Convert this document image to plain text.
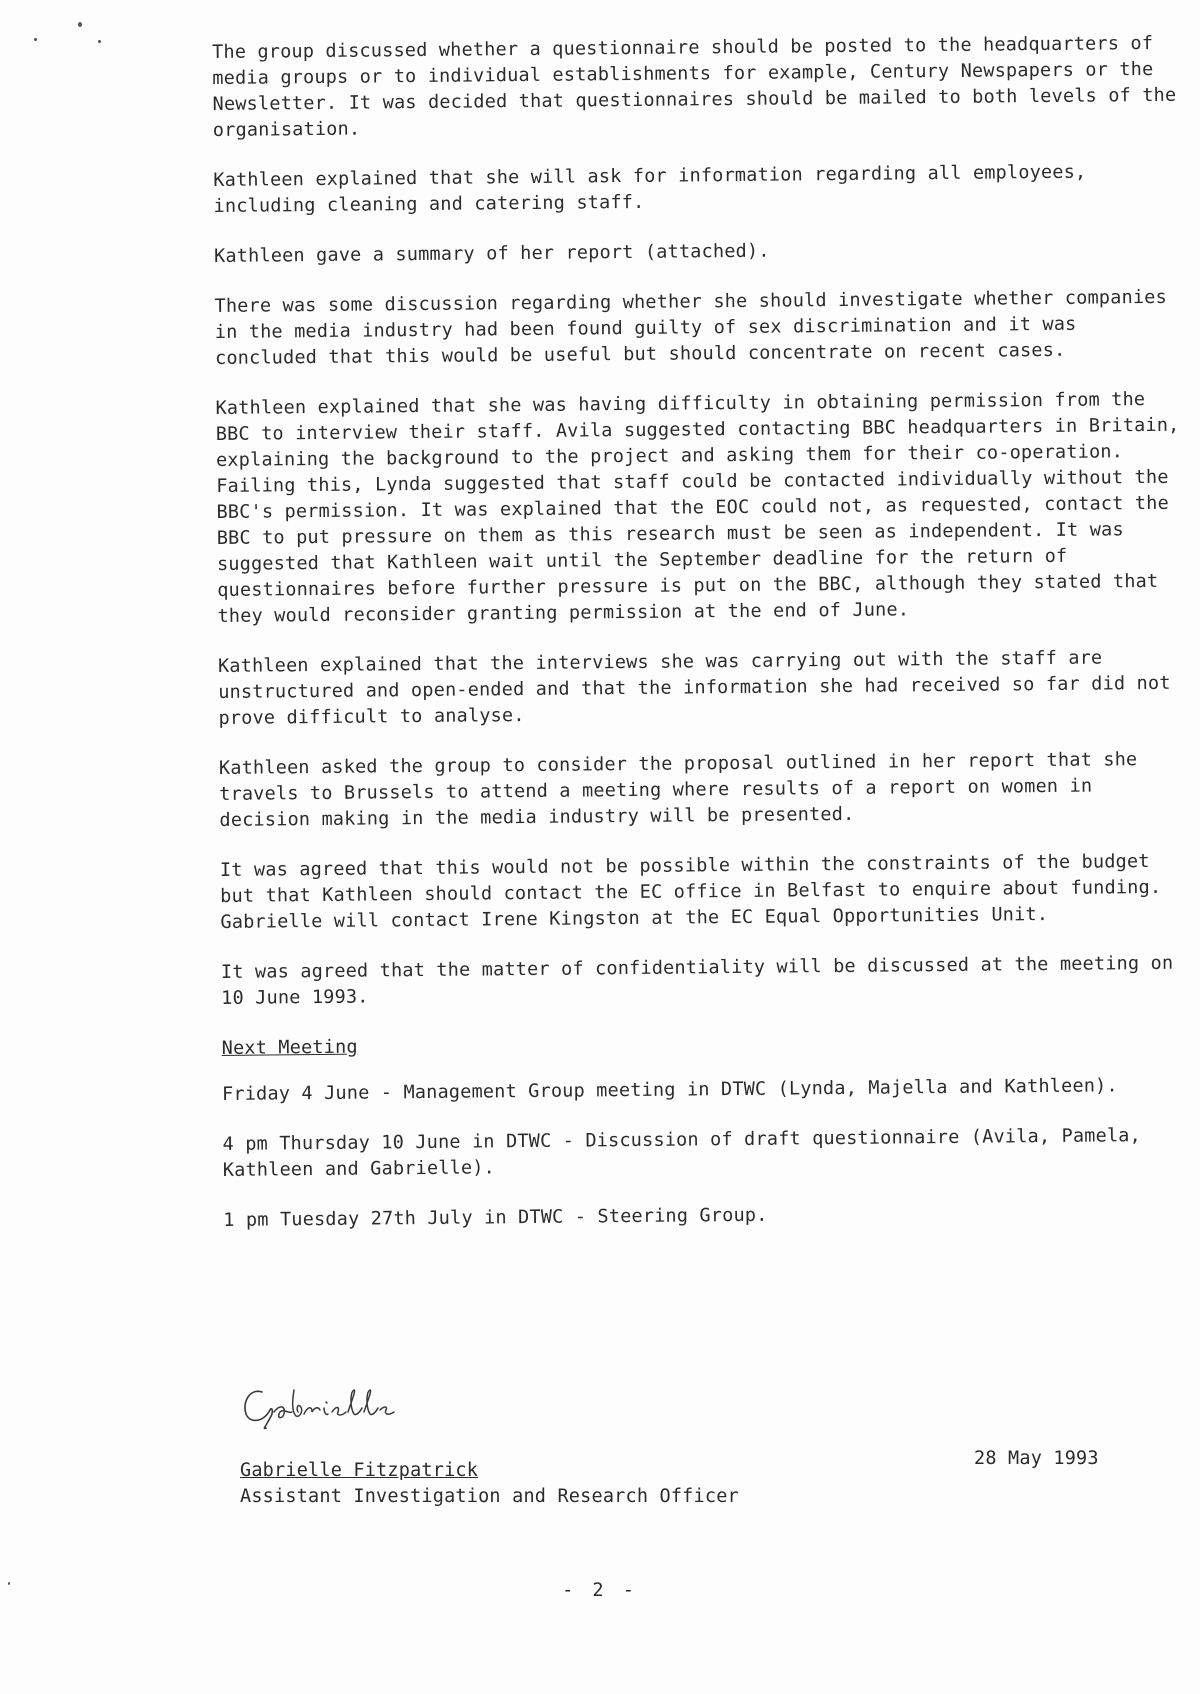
The group discussed whether a questionnaire should be posted to the headquarters of media groups or to individual establishments for example, Century Newspapers or the Newsletter. It was decided that questionnaires should be mailed to both levels of the organisation.

Kathleen explained that she will ask for information regarding all employees, including cleaning and catering staff.

Kathleen gave a summary of her report (attached).

There was some discussion regarding whether she should investigate whether companies in the media industry had been found guilty of sex discrimination and it was concluded that this would be useful but should concentrate on recent cases.

Kathleen explained that she was having difficulty in obtaining permission from the BBC to interview their staff. Avila suggested contacting BBC headquarters in Britain, explaining the background to the project and asking them for their co-operation. Failing this, Lynda suggested that staff could be contacted individually without the BBC's permission. It was explained that the EOC could not, as requested, contact the BBC to put pressure on them as this research must be seen as independent. It was suggested that Kathleen wait until the September deadline for the return of questionnaires before further pressure is put on the BBC, although they stated that they would reconsider granting permission at the end of June.

Kathleen explained that the interviews she was carrying out with the staff are unstructured and open-ended and that the information she had received so far did not prove difficult to analyse.

Kathleen asked the group to consider the proposal outlined in her report that she travels to Brussels to attend a meeting where results of a report on women in decision making in the media industry will be presented.

It was agreed that this would not be possible within the constraints of the budget but that Kathleen should contact the EC office in Belfast to enquire about funding. Gabrielle will contact Irene Kingston at the EC Equal Opportunities Unit.

It was agreed that the matter of confidentiality will be discussed at the meeting on 10 June 1993.

Next Meeting

Friday 4 June - Management Group meeting in DTWC (Lynda, Majella and Kathleen).

4 pm Thursday 10 June in DTWC - Discussion of draft questionnaire (Avila, Pamela, Kathleen and Gabrielle).

1 pm Tuesday 27th July in DTWC - Steering Group.

Gabrielle Fitzpatrick
Assistant Investigation and Research Officer
28 May 1993
- 2 -
